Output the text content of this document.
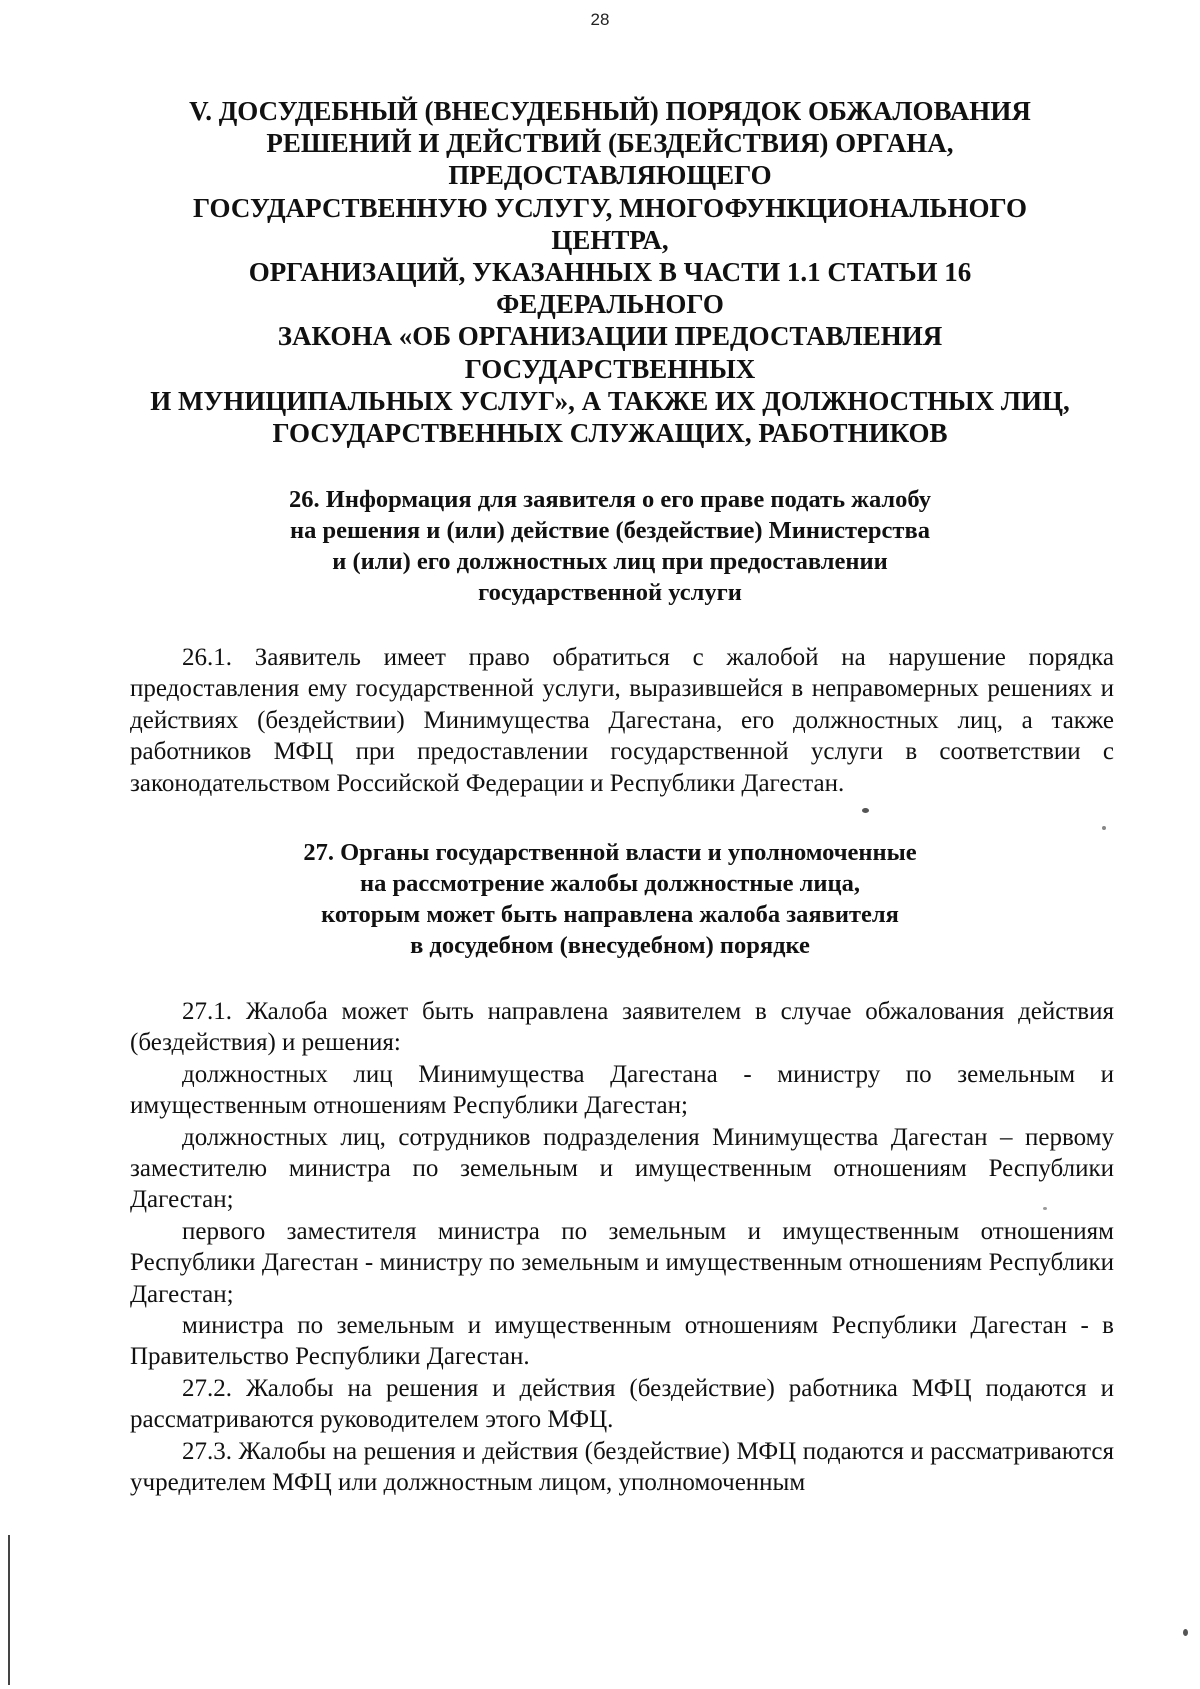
28
V. ДОСУДЕБНЫЙ (ВНЕСУДЕБНЫЙ) ПОРЯДОК ОБЖАЛОВАНИЯ
РЕШЕНИЙ И ДЕЙСТВИЙ (БЕЗДЕЙСТВИЯ) ОРГАНА,
ПРЕДОСТАВЛЯЮЩЕГО
ГОСУДАРСТВЕННУЮ УСЛУГУ, МНОГОФУНКЦИОНАЛЬНОГО
ЦЕНТРА,
ОРГАНИЗАЦИЙ, УКАЗАННЫХ В ЧАСТИ 1.1 СТАТЬИ 16
ФЕДЕРАЛЬНОГО
ЗАКОНА «ОБ ОРГАНИЗАЦИИ ПРЕДОСТАВЛЕНИЯ
ГОСУДАРСТВЕННЫХ
И МУНИЦИПАЛЬНЫХ УСЛУГ», А ТАКЖЕ ИХ ДОЛЖНОСТНЫХ ЛИЦ,
ГОСУДАРСТВЕННЫХ СЛУЖАЩИХ, РАБОТНИКОВ
26. Информация для заявителя о его праве подать жалобу
на решения и (или) действие (бездействие) Министерства
и (или) его должностных лиц при предоставлении
государственной услуги

26.1. Заявитель имеет право обратиться с жалобой на нарушение порядка предоставления ему государственной услуги, выразившейся в неправомерных решениях и действиях (бездействии) Минимущества Дагестана, его должностных лиц, а также работников МФЦ при предоставлении государственной услуги в соответствии с законодательством Российской Федерации и Республики Дагестан.

27. Органы государственной власти и уполномоченные
на рассмотрение жалобы должностные лица,
которым может быть направлена жалоба заявителя
в досудебном (внесудебном) порядке

27.1. Жалоба может быть направлена заявителем в случае обжалования действия (бездействия) и решения:

должностных лиц Минимущества Дагестана - министру по земельным и имущественным отношениям Республики Дагестан;

должностных лиц, сотрудников подразделения Минимущества Дагестан – первому заместителю министра по земельным и имущественным отношениям Республики Дагестан;

первого заместителя министра по земельным и имущественным отношениям Республики Дагестан - министру по земельным и имущественным отношениям Республики Дагестан;

министра по земельным и имущественным отношениям Республики Дагестан - в Правительство Республики Дагестан.

27.2. Жалобы на решения и действия (бездействие) работника МФЦ подаются и рассматриваются руководителем этого МФЦ.

27.3. Жалобы на решения и действия (бездействие) МФЦ подаются и рассматриваются учредителем МФЦ или должностным лицом, уполномоченным
